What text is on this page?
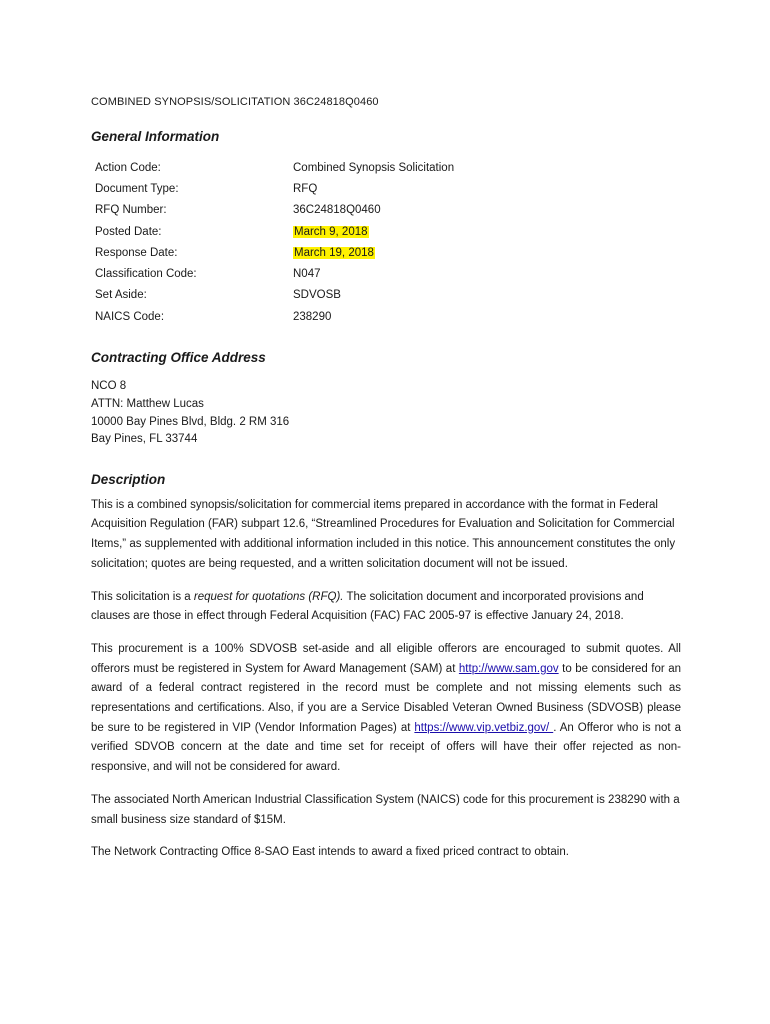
COMBINED SYNOPSIS/SOLICITATION 36C24818Q0460
General Information
Action Code:	Combined Synopsis Solicitation
Document Type:	RFQ
RFQ Number:	36C24818Q0460
Posted Date:	March 9, 2018
Response Date:	March 19, 2018
Classification Code:	N047
Set Aside:	SDVOSB
NAICS Code:	238290
Contracting Office Address
NCO 8
ATTN: Matthew Lucas
10000 Bay Pines Blvd, Bldg. 2 RM 316
Bay Pines, FL 33744
Description

This is a combined synopsis/solicitation for commercial items prepared in accordance with the format in Federal Acquisition Regulation (FAR) subpart 12.6, “Streamlined Procedures for Evaluation and Solicitation for Commercial Items,” as supplemented with additional information included in this notice. This announcement constitutes the only solicitation; quotes are being requested, and a written solicitation document will not be issued.

This solicitation is a request for quotations (RFQ). The solicitation document and incorporated provisions and clauses are those in effect through Federal Acquisition (FAC) FAC 2005-97 is effective January 24, 2018.

This procurement is a 100% SDVOSB set-aside and all eligible offerors are encouraged to submit quotes. All offerors must be registered in System for Award Management (SAM) at http://www.sam.gov to be considered for an award of a federal contract registered in the record must be complete and not missing elements such as representations and certifications. Also, if you are a Service Disabled Veteran Owned Business (SDVOSB) please be sure to be registered in VIP (Vendor Information Pages) at https://www.vip.vetbiz.gov/ . An Offeror who is not a verified SDVOB concern at the date and time set for receipt of offers will have their offer rejected as non-responsive, and will not be considered for award.

The associated North American Industrial Classification System (NAICS) code for this procurement is 238290 with a small business size standard of $15M.

The Network Contracting Office 8-SAO East intends to award a fixed priced contract to obtain.
